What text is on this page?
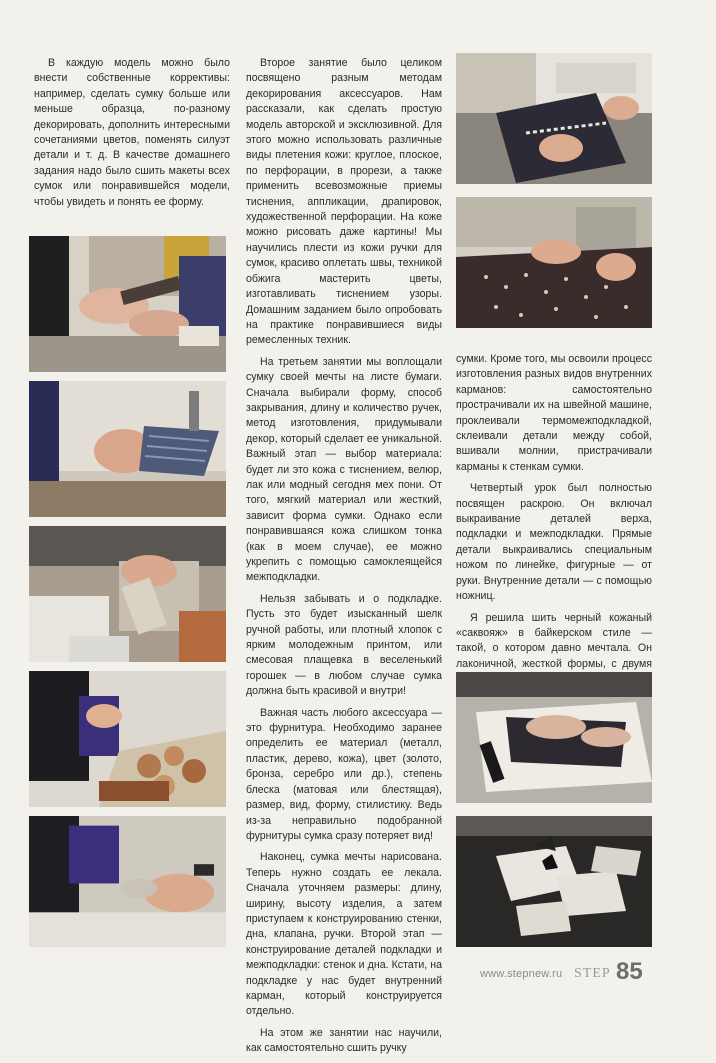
В каждую модель можно было внести собственные коррективы: например, сделать сумку больше или меньше образца, по-разному декорировать, дополнить интересными сочетаниями цветов, поменять силуэт детали и т. д. В качестве домашнего задания надо было сшить макеты всех сумок или понравившейся модели, чтобы увидеть и понять ее форму.

Второе занятие было целиком посвящено разным методам декорирования аксессуаров. Нам рассказали, как сделать простую модель авторской и эксклюзивной. Для этого можно использовать различные виды плетения кожи: круглое, плоское, по перфорации, в прорези, а также применить всевозможные приемы тиснения, аппликации, драпировок, художественной перфорации. На коже можно рисовать даже картины! Мы научились плести из кожи ручки для сумок, красиво оплетать швы, техникой обжига мастерить цветы, изготавливать тиснением узоры. Домашним заданием было опробовать на практике понравившиеся виды ремесленных техник.

На третьем занятии мы воплощали сумку своей мечты на листе бумаги. Сначала выбирали форму, способ закрывания, длину и количество ручек, метод изготовления, придумывали декор, который сделает ее уникальной. Важный этап — выбор материала: будет ли это кожа с тиснением, велюр, лак или модный сегодня мех пони. От того, мягкий материал или жесткий, зависит форма сумки. Однако если понравившаяся кожа слишком тонка (как в моем случае), ее можно укрепить с помощью самоклеящейся межподкладки.

Нельзя забывать и о подкладке. Пусть это будет изысканный шелк ручной работы, или плотный хлопок с ярким молодежным принтом, или смесовая плащевка в веселенький горошек — в любом случае сумка должна быть красивой и внутри!

Важная часть любого аксессуара — это фурнитура. Необходимо заранее определить ее материал (металл, пластик, дерево, кожа), цвет (золото, бронза, серебро или др.), степень блеска (матовая или блестящая), размер, вид, форму, стилистику. Ведь из-за неправильно подобранной фурнитуры сумка сразу потеряет вид!

Наконец, сумка мечты нарисована. Теперь нужно создать ее лекала. Сначала уточняем размеры: длину, ширину, высоту изделия, а затем приступаем к конструированию стенки, дна, клапана, ручки. Второй этап — конструирование деталей подкладки и межподкладки: стенок и дна. Кстати, на подкладке у нас будет внутренний карман, который конструируется отдельно.

На этом же занятии нас научили, как самостоятельно сшить ручку

сумки. Кроме того, мы освоили процесс изготовления разных видов внутренних карманов: самостоятельно прострачивали их на швейной машине, проклеивали термомежподкладкой, склеивали детали между собой, вшивали молнии, пристрачивали карманы к стенкам сумки.

Четвертый урок был полностью посвящен раскрою. Он включал выкраивание деталей верха, подкладки и межподкладки. Прямые детали выкраивались специальным ножом по линейке, фигурные — от руки. Внутренние детали — с помощью ножниц.

Я решила шить черный кожаный «саквояж» в байкерском стиле — такой, о котором давно мечтала. Он лаконичной, жесткой формы, с двумя

www.stepnew.ru STEP 85
